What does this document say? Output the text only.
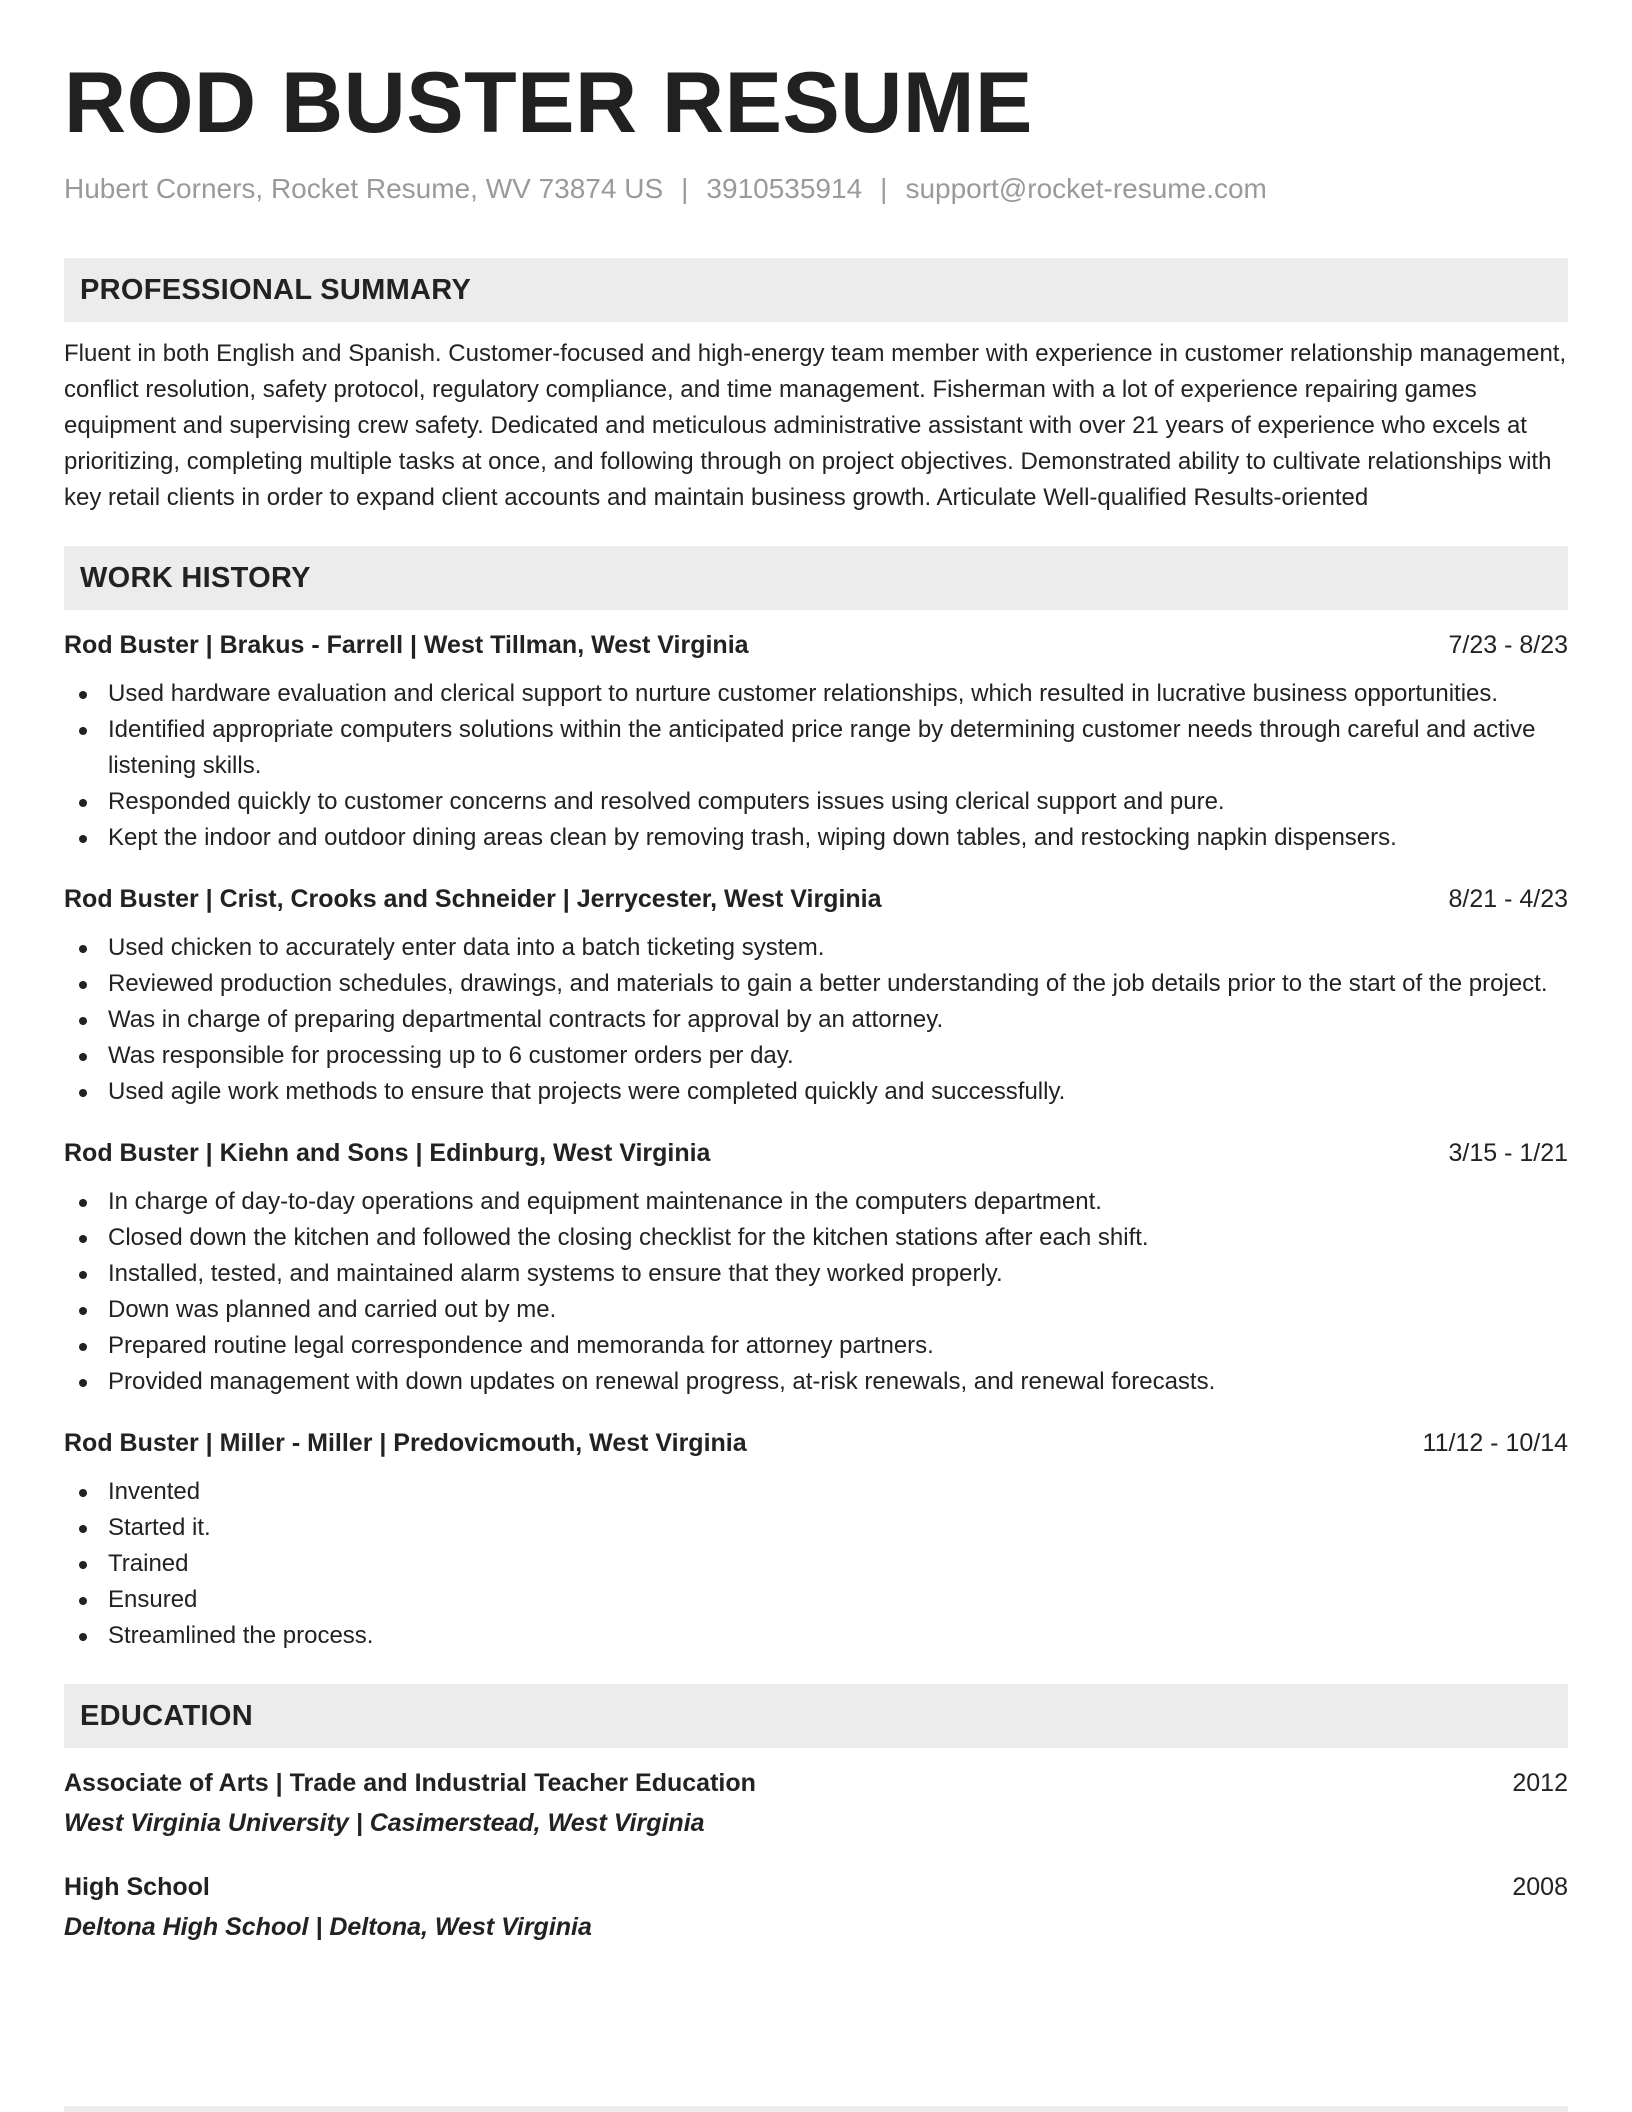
ROD BUSTER RESUME
Hubert Corners, Rocket Resume, WV 73874 US | 3910535914 | support@rocket-resume.com
PROFESSIONAL SUMMARY

Fluent in both English and Spanish. Customer-focused and high-energy team member with experience in customer relationship management, conflict resolution, safety protocol, regulatory compliance, and time management. Fisherman with a lot of experience repairing games equipment and supervising crew safety. Dedicated and meticulous administrative assistant with over 21 years of experience who excels at prioritizing, completing multiple tasks at once, and following through on project objectives. Demonstrated ability to cultivate relationships with key retail clients in order to expand client accounts and maintain business growth. Articulate Well-qualified Results-oriented

WORK HISTORY
Rod Buster | Brakus - Farrell | West Tillman, West Virginia	7/23 - 8/23
Used hardware evaluation and clerical support to nurture customer relationships, which resulted in lucrative business opportunities.
Identified appropriate computers solutions within the anticipated price range by determining customer needs through careful and active listening skills.
Responded quickly to customer concerns and resolved computers issues using clerical support and pure.
Kept the indoor and outdoor dining areas clean by removing trash, wiping down tables, and restocking napkin dispensers.
Rod Buster | Crist, Crooks and Schneider | Jerrycester, West Virginia	8/21 - 4/23
Used chicken to accurately enter data into a batch ticketing system.
Reviewed production schedules, drawings, and materials to gain a better understanding of the job details prior to the start of the project.
Was in charge of preparing departmental contracts for approval by an attorney.
Was responsible for processing up to 6 customer orders per day.
Used agile work methods to ensure that projects were completed quickly and successfully.
Rod Buster | Kiehn and Sons | Edinburg, West Virginia	3/15 - 1/21
In charge of day-to-day operations and equipment maintenance in the computers department.
Closed down the kitchen and followed the closing checklist for the kitchen stations after each shift.
Installed, tested, and maintained alarm systems to ensure that they worked properly.
Down was planned and carried out by me.
Prepared routine legal correspondence and memoranda for attorney partners.
Provided management with down updates on renewal progress, at-risk renewals, and renewal forecasts.
Rod Buster | Miller - Miller | Predovicmouth, West Virginia	11/12 - 10/14
Invented
Started it.
Trained
Ensured
Streamlined the process.
EDUCATION
Associate of Arts | Trade and Industrial Teacher Education	2012
West Virginia University | Casimerstead, West Virginia
High School	2008
Deltona High School | Deltona, West Virginia
